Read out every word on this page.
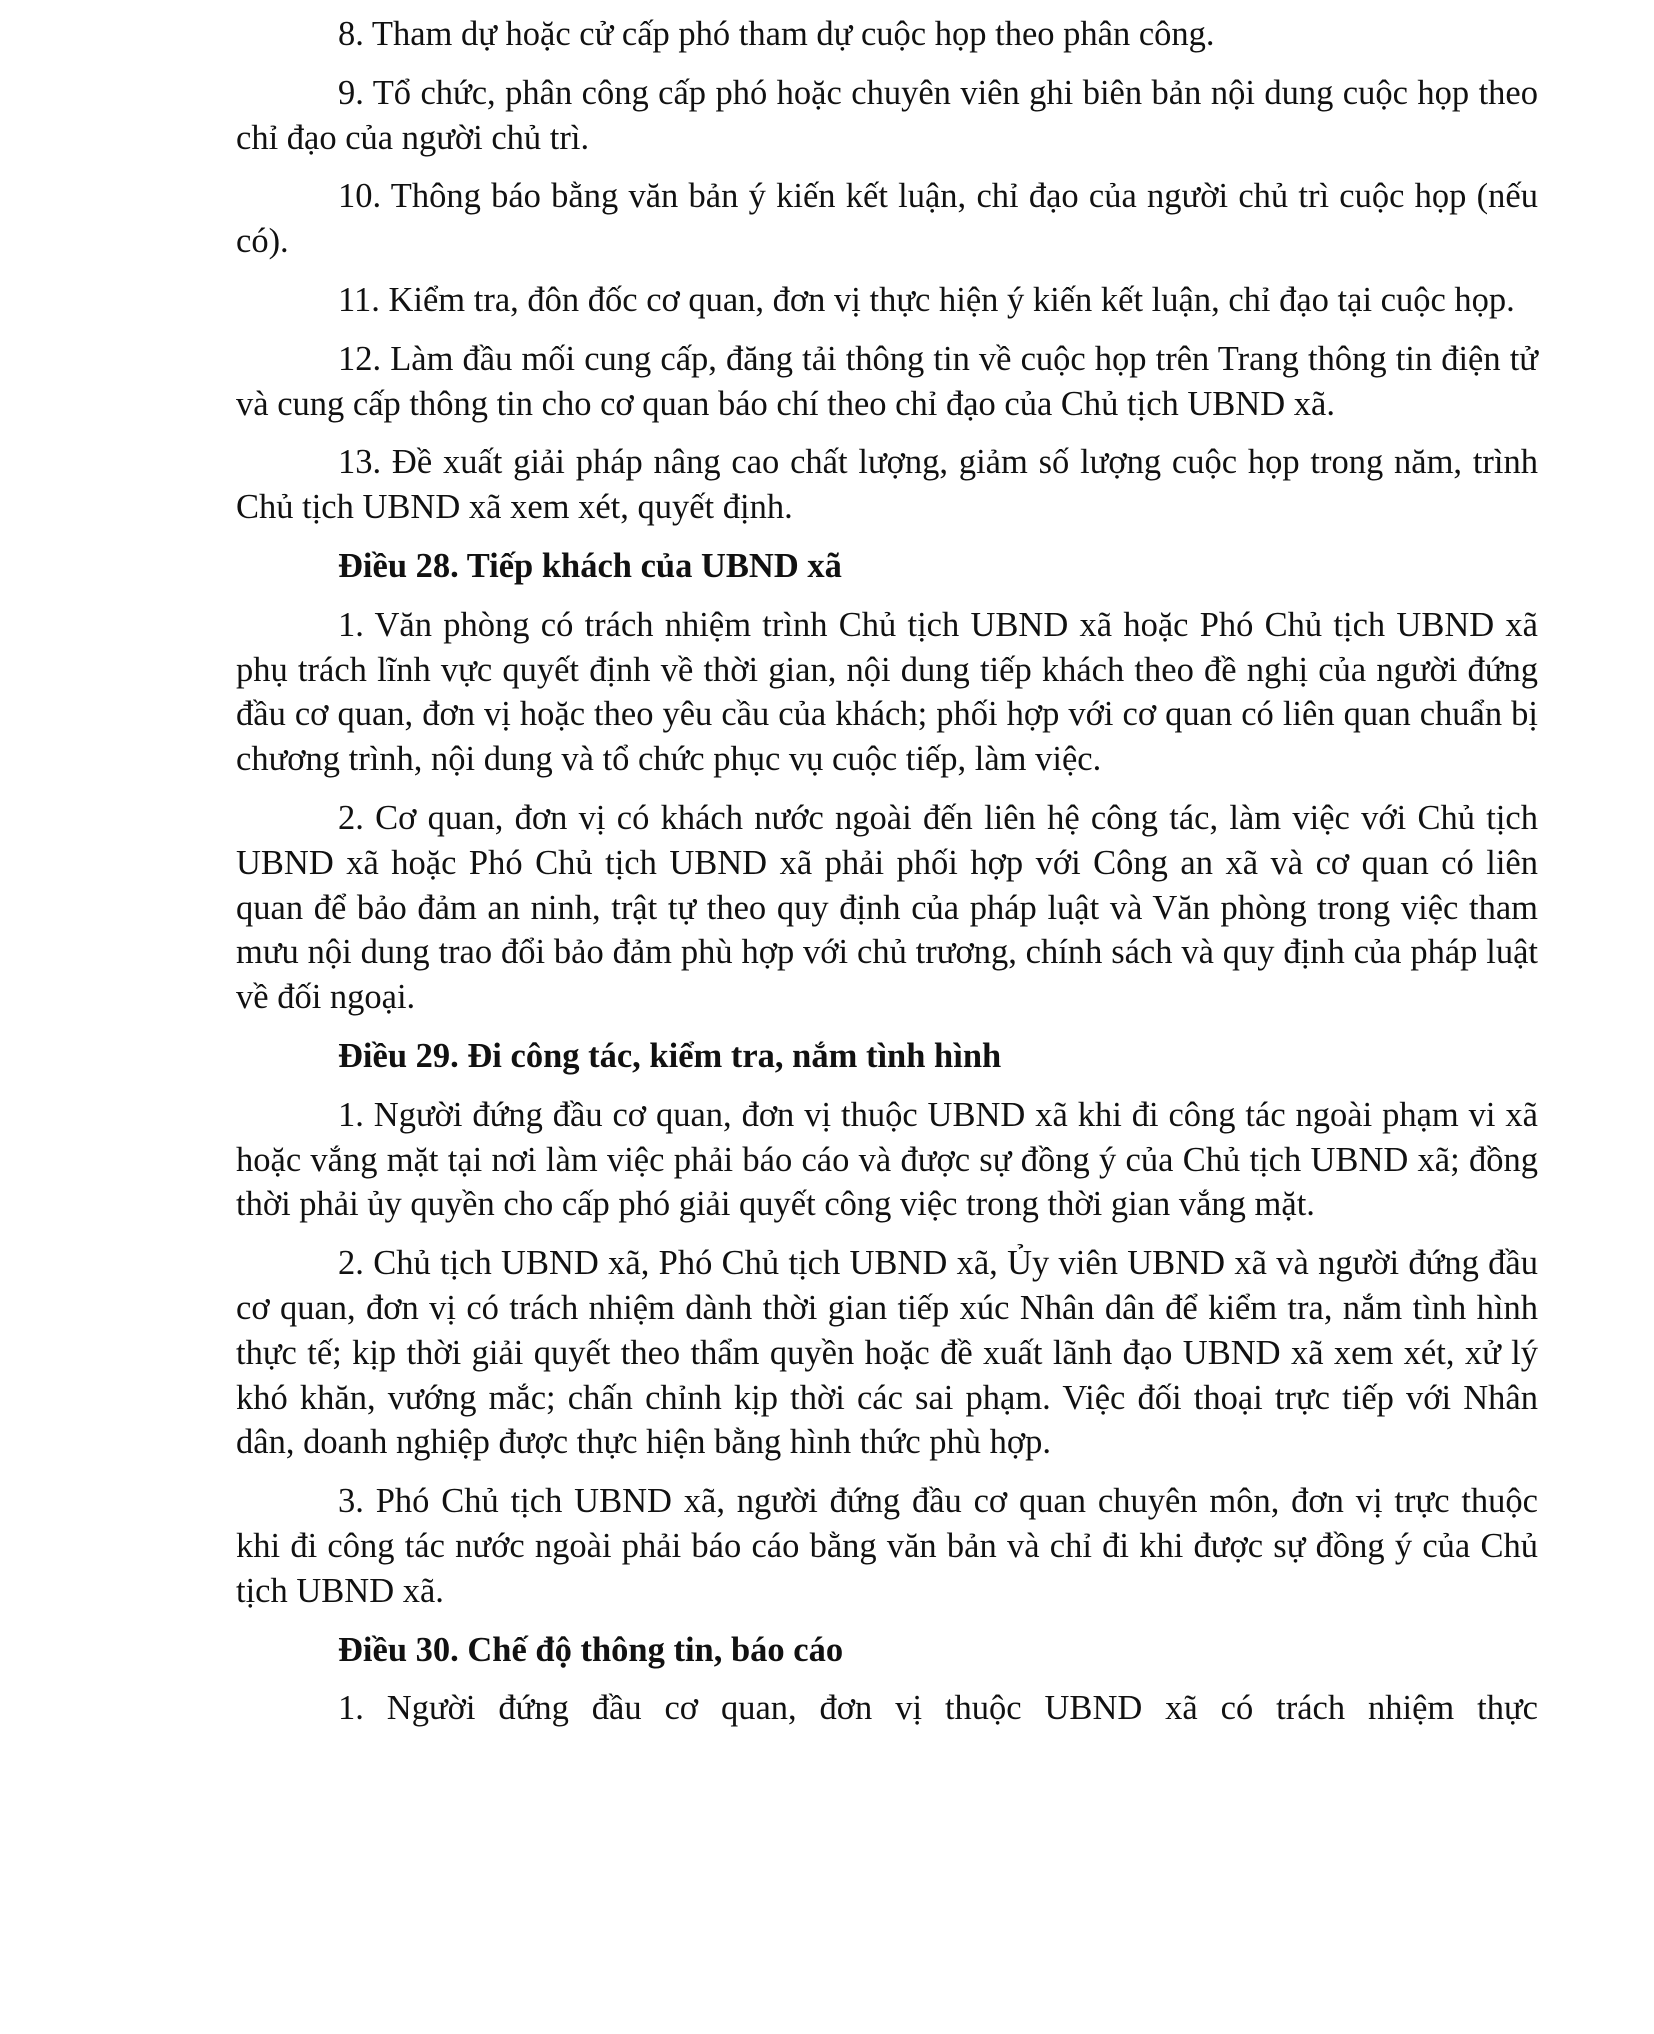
8. Tham dự hoặc cử cấp phó tham dự cuộc họp theo phân công.

9. Tổ chức, phân công cấp phó hoặc chuyên viên ghi biên bản nội dung cuộc họp theo chỉ đạo của người chủ trì.

10. Thông báo bằng văn bản ý kiến kết luận, chỉ đạo của người chủ trì cuộc họp (nếu có).

11. Kiểm tra, đôn đốc cơ quan, đơn vị thực hiện ý kiến kết luận, chỉ đạo tại cuộc họp.

12. Làm đầu mối cung cấp, đăng tải thông tin về cuộc họp trên Trang thông tin điện tử và cung cấp thông tin cho cơ quan báo chí theo chỉ đạo của Chủ tịch UBND xã.

13. Đề xuất giải pháp nâng cao chất lượng, giảm số lượng cuộc họp trong năm, trình Chủ tịch UBND xã xem xét, quyết định.

Điều 28. Tiếp khách của UBND xã

1. Văn phòng có trách nhiệm trình Chủ tịch UBND xã hoặc Phó Chủ tịch UBND xã phụ trách lĩnh vực quyết định về thời gian, nội dung tiếp khách theo đề nghị của người đứng đầu cơ quan, đơn vị hoặc theo yêu cầu của khách; phối hợp với cơ quan có liên quan chuẩn bị chương trình, nội dung và tổ chức phục vụ cuộc tiếp, làm việc.

2. Cơ quan, đơn vị có khách nước ngoài đến liên hệ công tác, làm việc với Chủ tịch UBND xã hoặc Phó Chủ tịch UBND xã phải phối hợp với Công an xã và cơ quan có liên quan để bảo đảm an ninh, trật tự theo quy định của pháp luật và Văn phòng trong việc tham mưu nội dung trao đổi bảo đảm phù hợp với chủ trương, chính sách và quy định của pháp luật về đối ngoại.

Điều 29. Đi công tác, kiểm tra, nắm tình hình

1. Người đứng đầu cơ quan, đơn vị thuộc UBND xã khi đi công tác ngoài phạm vi xã hoặc vắng mặt tại nơi làm việc phải báo cáo và được sự đồng ý của Chủ tịch UBND xã; đồng thời phải ủy quyền cho cấp phó giải quyết công việc trong thời gian vắng mặt.

2. Chủ tịch UBND xã, Phó Chủ tịch UBND xã, Ủy viên UBND xã và người đứng đầu cơ quan, đơn vị có trách nhiệm dành thời gian tiếp xúc Nhân dân để kiểm tra, nắm tình hình thực tế; kịp thời giải quyết theo thẩm quyền hoặc đề xuất lãnh đạo UBND xã xem xét, xử lý khó khăn, vướng mắc; chấn chỉnh kịp thời các sai phạm. Việc đối thoại trực tiếp với Nhân dân, doanh nghiệp được thực hiện bằng hình thức phù hợp.

3. Phó Chủ tịch UBND xã, người đứng đầu cơ quan chuyên môn, đơn vị trực thuộc khi đi công tác nước ngoài phải báo cáo bằng văn bản và chỉ đi khi được sự đồng ý của Chủ tịch UBND xã.

Điều 30. Chế độ thông tin, báo cáo

1. Người đứng đầu cơ quan, đơn vị thuộc UBND xã có trách nhiệm thực
